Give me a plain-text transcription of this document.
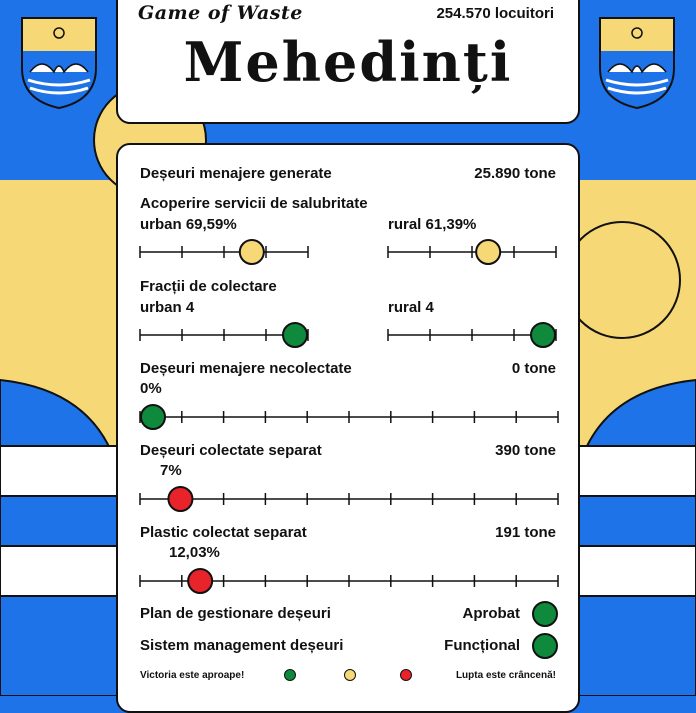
Game of Waste	254.570 locuitori
Mehedinți
Deșeuri menajere generate	25.890 tone
Acoperire servicii de salubritate
urban 69,59%	rural 61,39%
Fracții de colectare
urban 4	rural 4
Deșeuri menajere necolectate	0 tone
0%
Deșeuri colectate separat	390 tone
7%
Plastic colectat separat	191 tone
12,03%
Plan de gestionare deșeuri	Aprobat
Sistem management deșeuri	Funcțional
Victoria este aproape!	Lupta este crâncenă!
